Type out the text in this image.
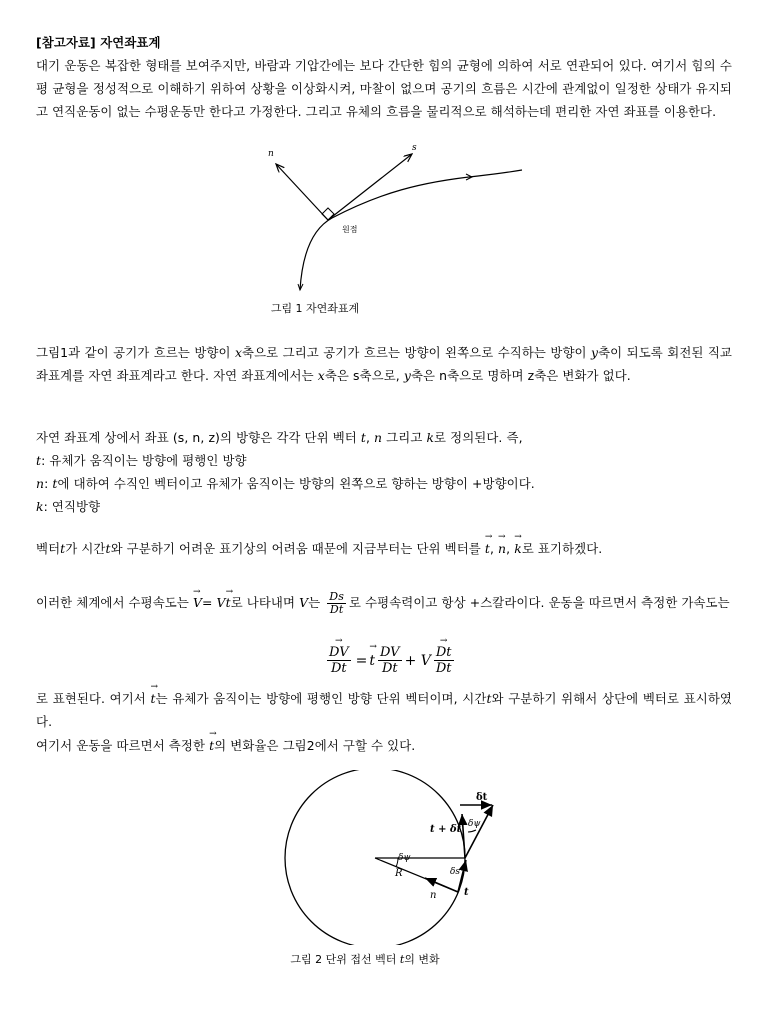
[참고자료] 자연좌표계
대기 운동은 복잡한 형태를 보여주지만, 바람과 기압간에는 보다 간단한 힘의 균형에 의하여 서로 연관되어 있다. 여기서 힘의 수평 균형을 정성적으로 이해하기 위하여 상황을 이상화시켜, 마찰이 없으며 공기의 흐름은 시간에 관계없이 일정한 상태가 유지되고 연직운동이 없는 수평운동만 한다고 가정한다. 그리고 유체의 흐름을 물리적으로 해석하는데 편리한 자연 좌표를 이용한다.
n
s
원점
그림 1 자연좌표계
그림1과 같이 공기가 흐르는 방향이 x축으로 그리고 공기가 흐르는 방향이 왼쪽으로 수직하는 방향이 y축이 되도록 회전된 직교 좌표계를 자연 좌표계라고 한다. 자연 좌표계에서는 x축은 s축으로, y축은 n축으로 명하며 z축은 변화가 없다.
자연 좌표계 상에서 좌표 (s, n, z)의 방향은 각각 단위 벡터 t, n 그리고 k로 정의된다. 즉,
t: 유체가 움직이는 방향에 평행인 방향
n: t에 대하여 수직인 벡터이고 유체가 움직이는 방향의 왼쪽으로 향하는 방향이 +방향이다.
k: 연직방향
벡터t가 시간t와 구분하기 어려운 표기상의 어려움 때문에 지금부터는 단위 벡터를 → t, → n, → k로 표기하겠다.
이러한 체계에서 수평속도는 → V= V→ t로 나타내며 V는 $\frac{Ds}{Dt}$ 로 수평속력이고 항상 +스칼라이다. 운동을 따르면서 측정한 가속도는
→ $\frac{DV}{Dt}$ =
→ t $\frac{DV}{Dt} + V$
→ $\frac{Dt}{Dt}$
로 표현된다. 여기서 → t는 유체가 움직이는 방향에 평행인 방향 단위 벡터이며, 시간t와 구분하기 위해서 상단에 벡터로 표시하였다.
여기서 운동을 따르면서 측정한 → t의 변화율은 그림2에서 구할 수 있다.
δt
t + δt δψ
δψ
R	δs
n	t
그림 2 단위 접선 벡터 t의 변화
